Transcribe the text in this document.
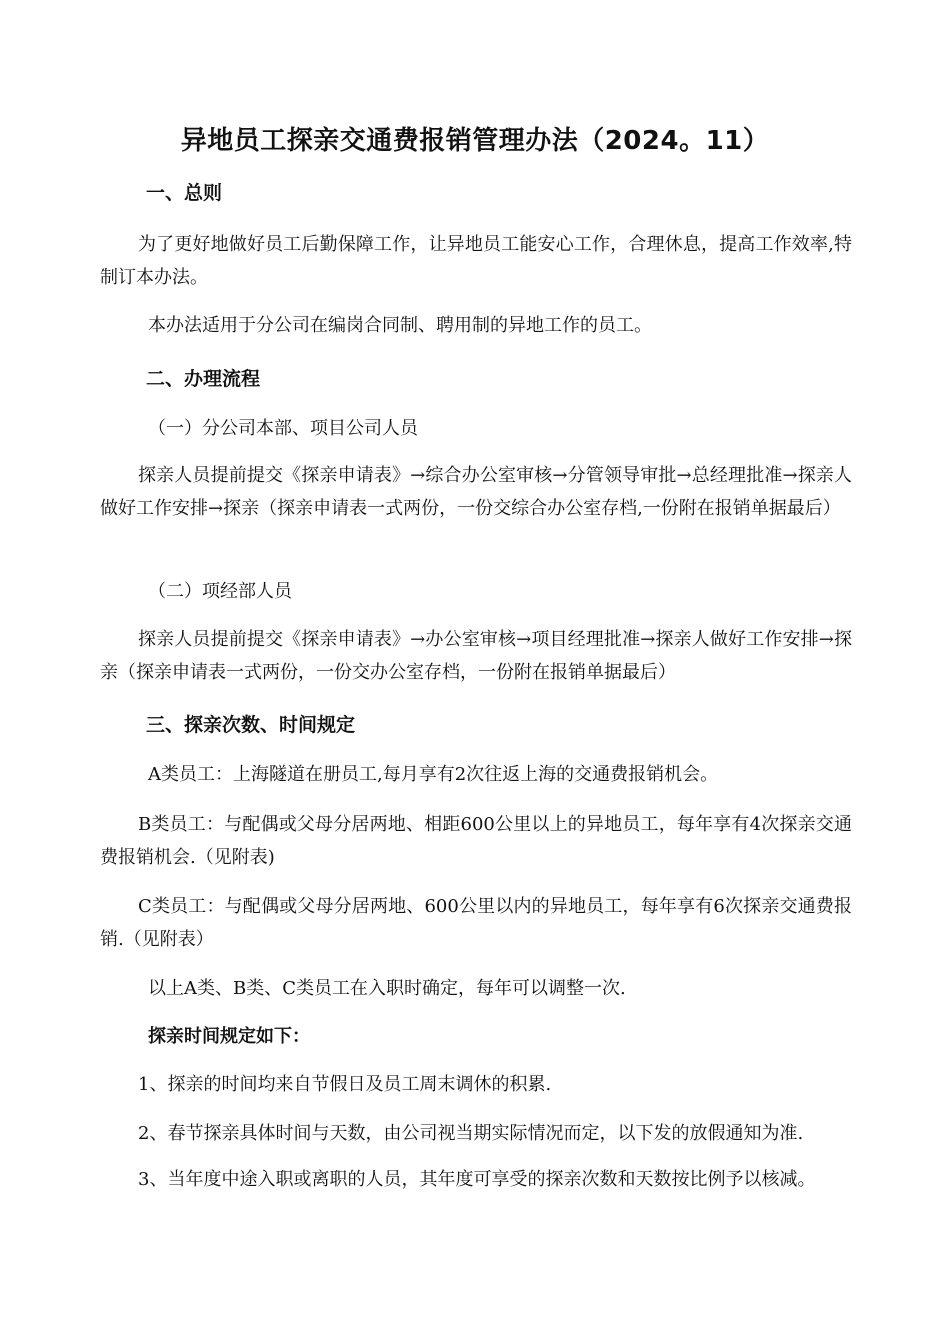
异地员工探亲交通费报销管理办法（2024。11）
一、总则
为了更好地做好员工后勤保障工作，让异地员工能安心工作，合理休息，提高工作效率,特制订本办法。
本办法适用于分公司在编岗合同制、聘用制的异地工作的员工。
二、办理流程
（一）分公司本部、项目公司人员
探亲人员提前提交《探亲申请表》→综合办公室审核→分管领导审批→总经理批准→探亲人做好工作安排→探亲（探亲申请表一式两份，一份交综合办公室存档,一份附在报销单据最后）
（二）项经部人员
探亲人员提前提交《探亲申请表》→办公室审核→项目经理批准→探亲人做好工作安排→探亲（探亲申请表一式两份，一份交办公室存档，一份附在报销单据最后）
三、探亲次数、时间规定
A类员工：上海隧道在册员工,每月享有2次往返上海的交通费报销机会。
B类员工：与配偶或父母分居两地、相距600公里以上的异地员工，每年享有4次探亲交通费报销机会.（见附表)
C类员工：与配偶或父母分居两地、600公里以内的异地员工，每年享有6次探亲交通费报销.（见附表）
以上A类、B类、C类员工在入职时确定，每年可以调整一次.
探亲时间规定如下：
1、探亲的时间均来自节假日及员工周末调休的积累.
2、春节探亲具体时间与天数，由公司视当期实际情况而定，以下发的放假通知为准.
3、当年度中途入职或离职的人员，其年度可享受的探亲次数和天数按比例予以核减。
